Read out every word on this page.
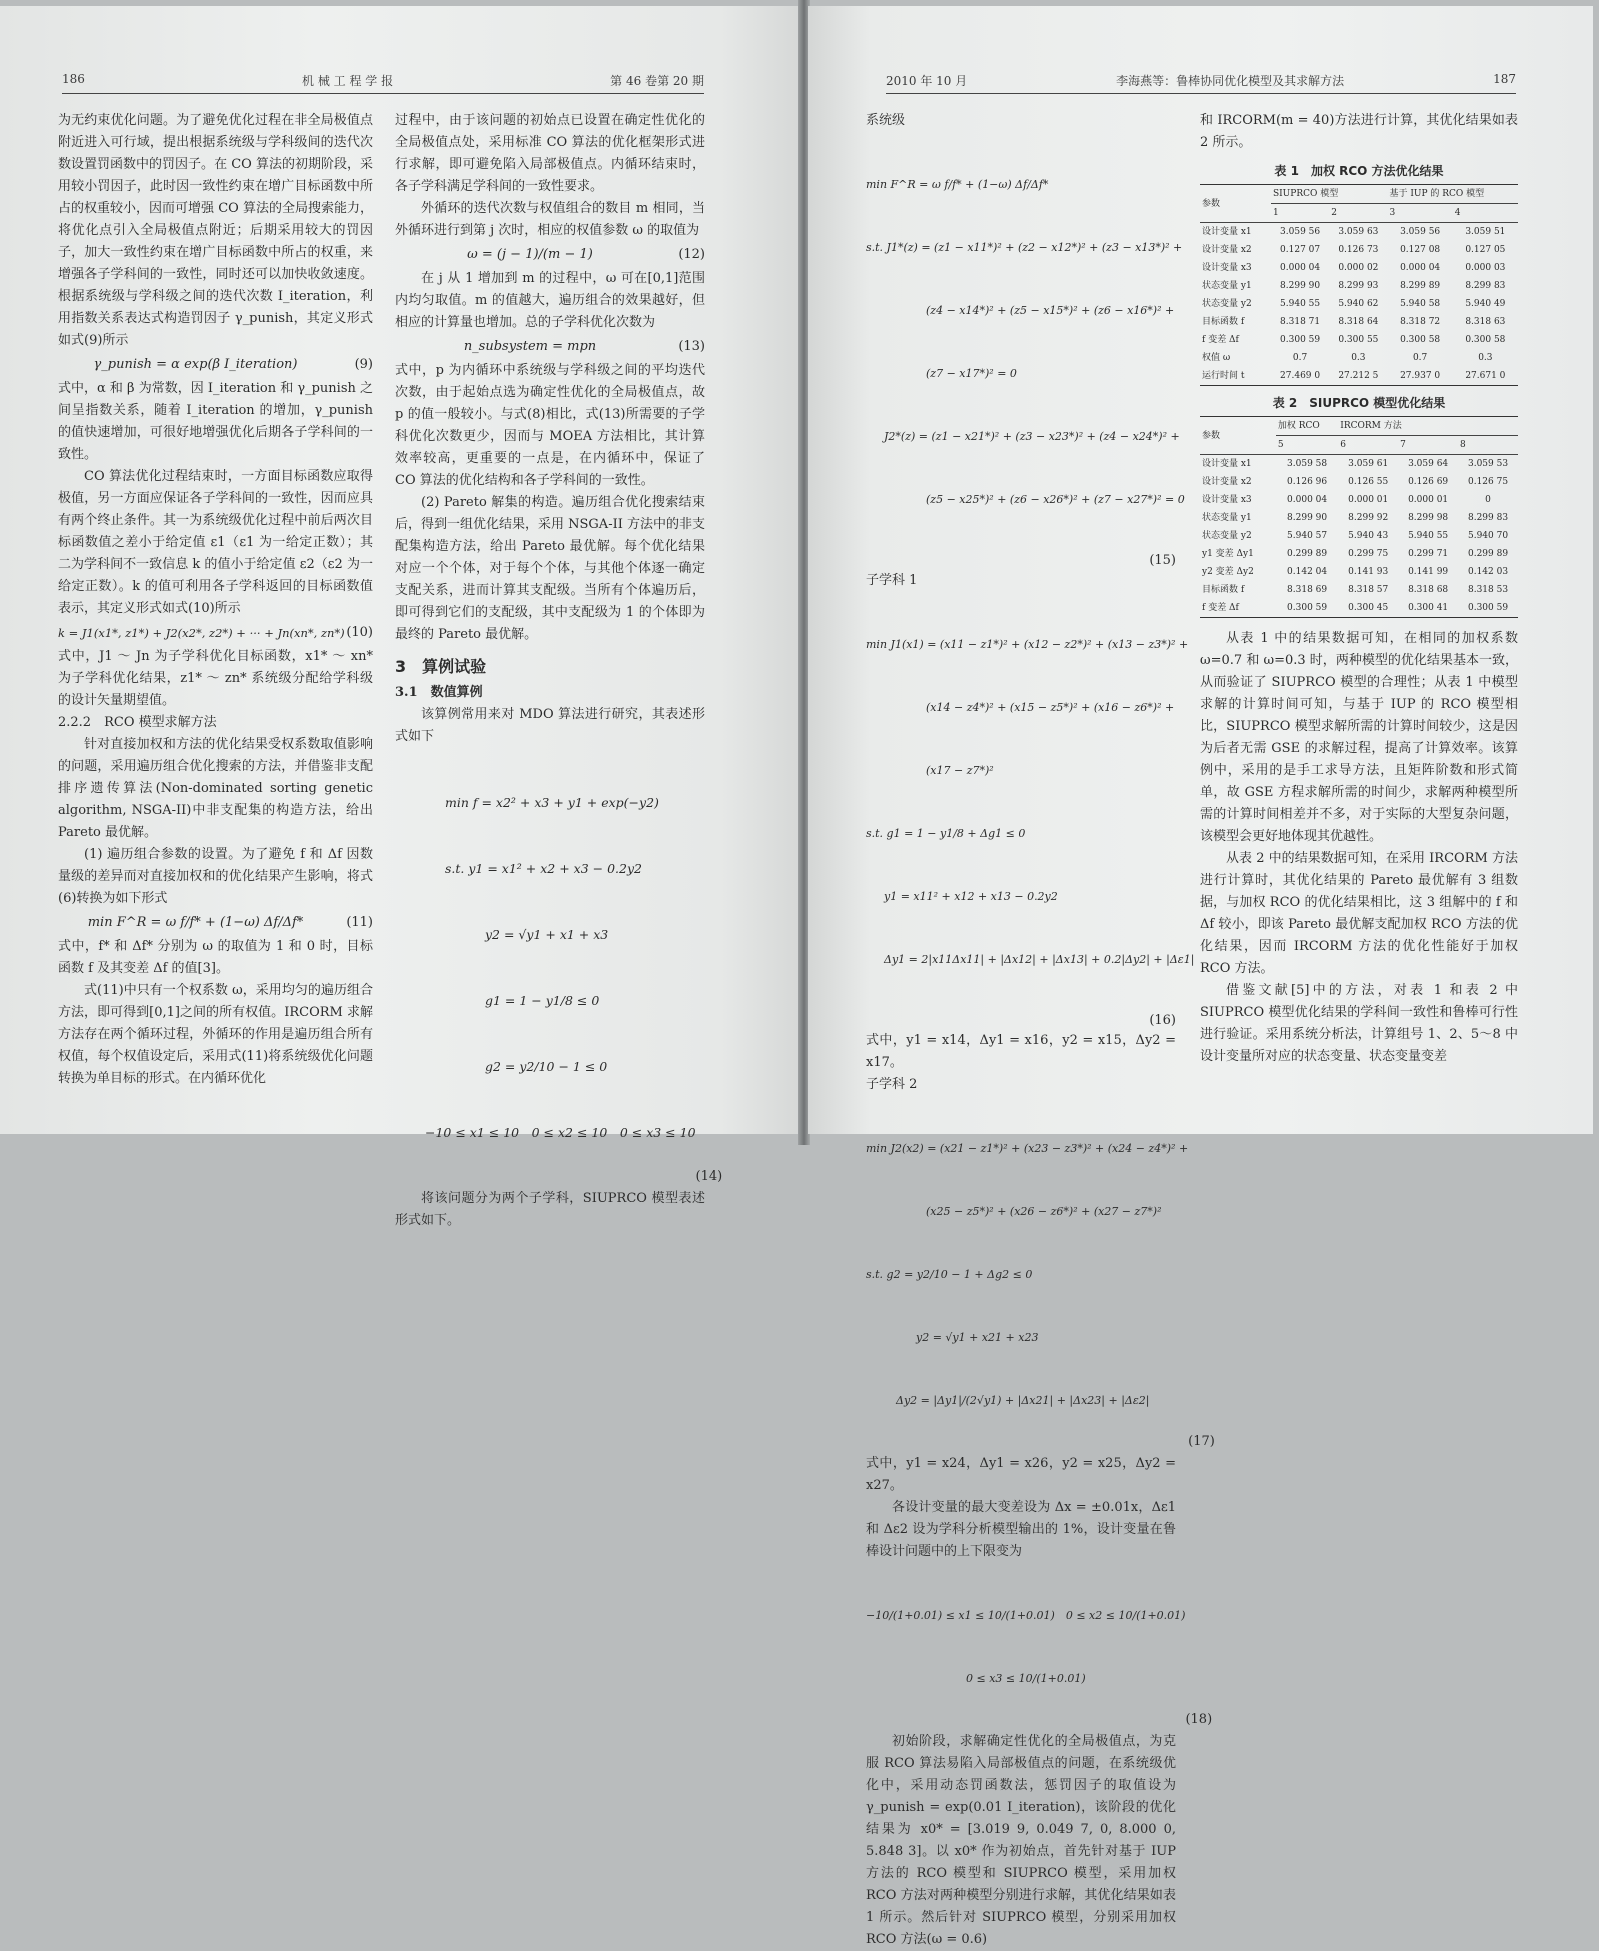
186	机 械 工 程 学 报	第 46 卷第 20 期

为无约束优化问题。为了避免优化过程在非全局极值点附近进入可行域，提出根据系统级与学科级间的迭代次数设置罚函数中的罚因子。在 CO 算法的初期阶段，采用较小罚因子，此时因一致性约束在增广目标函数中所占的权重较小，因而可增强 CO 算法的全局搜索能力，将优化点引入全局极值点附近；后期采用较大的罚因子，加大一致性约束在增广目标函数中所占的权重，来增强各子学科间的一致性，同时还可以加快收敛速度。根据系统级与学科级之间的迭代次数 I_iteration，利用指数关系表达式构造罚因子 γ_punish，其定义形式如式(9)所示

γ_punish = α exp(β I_iteration)	(9)

式中，α 和 β 为常数，因 I_iteration 和 γ_punish 之间呈指数关系，随着 I_iteration 的增加，γ_punish 的值快速增加，可很好地增强优化后期各子学科间的一致性。

CO 算法优化过程结束时，一方面目标函数应取得极值，另一方面应保证各子学科间的一致性，因而应具有两个终止条件。其一为系统级优化过程中前后两次目标函数值之差小于给定值 ε1（ε1 为一给定正数）；其二为学科间不一致信息 k 的值小于给定值 ε2（ε2 为一给定正数）。k 的值可利用各子学科返回的目标函数值表示，其定义形式如式(10)所示

k = J1(x1*, z1*) + J2(x2*, z2*) + ··· + Jn(xn*, zn*) (10)

式中，J1 ～ Jn 为子学科优化目标函数，x1* ～ xn* 为子学科优化结果，z1* ～ zn* 系统级分配给学科级的设计矢量期望值。

2.2.2　RCO 模型求解方法

针对直接加权和方法的优化结果受权系数取值影响的问题，采用遍历组合优化搜索的方法，并借鉴非支配排序遗传算法(Non-dominated sorting genetic algorithm, NSGA-II)中非支配集的构造方法，给出 Pareto 最优解。

(1) 遍历组合参数的设置。为了避免 f 和 Δf 因数量级的差异而对直接加权和的优化结果产生影响，将式(6)转换为如下形式

min F^R = ω f/f* + (1−ω) Δf/Δf*	(11)

式中，f* 和 Δf* 分别为 ω 的取值为 1 和 0 时，目标函数 f 及其变差 Δf 的值[3]。

式(11)中只有一个权系数 ω，采用均匀的遍历组合方法，即可得到[0,1]之间的所有权值。IRCORM 求解方法存在两个循环过程，外循环的作用是遍历组合所有权值，每个权值设定后，采用式(11)将系统级优化问题转换为单目标的形式。在内循环优化

过程中，由于该问题的初始点已设置在确定性优化的全局极值点处，采用标准 CO 算法的优化框架形式进行求解，即可避免陷入局部极值点。内循环结束时，各子学科满足学科间的一致性要求。

外循环的迭代次数与权值组合的数目 m 相同，当外循环进行到第 j 次时，相应的权值参数 ω 的取值为

ω = (j − 1)/(m − 1)	(12)

在 j 从 1 增加到 m 的过程中，ω 可在[0,1]范围内均匀取值。m 的值越大，遍历组合的效果越好，但相应的计算量也增加。总的子学科优化次数为

n_subsystem = mpn	(13)

式中，p 为内循环中系统级与学科级之间的平均迭代次数，由于起始点选为确定性优化的全局极值点，故 p 的值一般较小。与式(8)相比，式(13)所需要的子学科优化次数更少，因而与 MOEA 方法相比，其计算效率较高，更重要的一点是，在内循环中，保证了 CO 算法的优化结构和各子学科间的一致性。

(2) Pareto 解集的构造。遍历组合优化搜索结束后，得到一组优化结果，采用 NSGA-II 方法中的非支配集构造方法，给出 Pareto 最优解。每个优化结果对应一个个体，对于每个个体，与其他个体逐一确定支配关系，进而计算其支配级。当所有个体遍历后，即可得到它们的支配级，其中支配级为 1 的个体即为最终的 Pareto 最优解。

3　算例试验
3.1　数值算例

该算例常用来对 MDO 算法进行研究，其表述形式如下

min f = x2² + x3 + y1 + exp(−y2)

s.t. y1 = x1² + x2 + x3 − 0.2y2

y2 = √y1 + x1 + x3

g1 = 1 − y1/8 ≤ 0

g2 = y2/10 − 1 ≤ 0

−10 ≤ x1 ≤ 10　0 ≤ x2 ≤ 10　0 ≤ x3 ≤ 10

(14)

将该问题分为两个子学科，SIUPRCO 模型表述形式如下。

2010 年 10 月	李海燕等：鲁棒协同优化模型及其求解方法	187
系统级

min F^R = ω f/f* + (1−ω) Δf/Δf*

s.t. J1*(z) = (z1 − x11*)² + (z2 − x12*)² + (z3 − x13*)² +

(z4 − x14*)² + (z5 − x15*)² + (z6 − x16*)² +

(z7 − x17*)² = 0

J2*(z) = (z1 − x21*)² + (z3 − x23*)² + (z4 − x24*)² +

(z5 − x25*)² + (z6 − x26*)² + (z7 − x27*)² = 0

(15)
子学科 1

min J1(x1) = (x11 − z1*)² + (x12 − z2*)² + (x13 − z3*)² +

(x14 − z4*)² + (x15 − z5*)² + (x16 − z6*)² +

(x17 − z7*)²

s.t. g1 = 1 − y1/8 + Δg1 ≤ 0

y1 = x11² + x12 + x13 − 0.2y2

Δy1 = 2|x11Δx11| + |Δx12| + |Δx13| + 0.2|Δy2| + |Δε1|

(16)

式中，y1 = x14，Δy1 = x16，y2 = x15，Δy2 = x17。

子学科 2

min J2(x2) = (x21 − z1*)² + (x23 − z3*)² + (x24 − z4*)² +

(x25 − z5*)² + (x26 − z6*)² + (x27 − z7*)²

s.t. g2 = y2/10 − 1 + Δg2 ≤ 0

y2 = √y1 + x21 + x23

Δy2 = |Δy1|/(2√y1) + |Δx21| + |Δx23| + |Δε2|

(17)

式中，y1 = x24，Δy1 = x26，y2 = x25，Δy2 = x27。

各设计变量的最大变差设为 Δx = ±0.01x，Δε1 和 Δε2 设为学科分析模型输出的 1%，设计变量在鲁棒设计问题中的上下限变为

−10/(1+0.01) ≤ x1 ≤ 10/(1+0.01)　0 ≤ x2 ≤ 10/(1+0.01)

0 ≤ x3 ≤ 10/(1+0.01)

(18)

初始阶段，求解确定性优化的全局极值点，为克服 RCO 算法易陷入局部极值点的问题，在系统级优化中，采用动态罚函数法，惩罚因子的取值设为 γ_punish = exp(0.01 I_iteration)，该阶段的优化结果为 x0* = [3.019 9, 0.049 7, 0, 8.000 0, 5.848 3]。以 x0* 作为初始点，首先针对基于 IUP 方法的 RCO 模型和 SIUPRCO 模型，采用加权 RCO 方法对两种模型分别进行求解，其优化结果如表 1 所示。然后针对 SIUPRCO 模型，分别采用加权 RCO 方法(ω = 0.6)

和 IRCORM(m = 40)方法进行计算，其优化结果如表 2 所示。

表 1　加权 RCO 方法优化结果
参数	SIUPRCO 模型		基于 IUP 的 RCO 模型	
	1	2	3	4
设计变量 x1	3.059 56	3.059 63	3.059 56	3.059 51
设计变量 x2	0.127 07	0.126 73	0.127 08	0.127 05
设计变量 x3	0.000 04	0.000 02	0.000 04	0.000 03
状态变量 y1	8.299 90	8.299 93	8.299 89	8.299 83
状态变量 y2	5.940 55	5.940 62	5.940 58	5.940 49
目标函数 f	8.318 71	8.318 64	8.318 72	8.318 63
f 变差 Δf	0.300 59	0.300 55	0.300 58	0.300 58
权值 ω	0.7	0.3	0.7	0.3
运行时间 t	27.469 0	27.212 5	27.937 0	27.671 0
表 2　SIUPRCO 模型优化结果
参数	加权 RCO	IRCORM 方法		
	5	6	7	8
设计变量 x1	3.059 58	3.059 61	3.059 64	3.059 53
设计变量 x2	0.126 96	0.126 55	0.126 69	0.126 75
设计变量 x3	0.000 04	0.000 01	0.000 01	0
状态变量 y1	8.299 90	8.299 92	8.299 98	8.299 83
状态变量 y2	5.940 57	5.940 43	5.940 55	5.940 70
y1 变差 Δy1	0.299 89	0.299 75	0.299 71	0.299 89
y2 变差 Δy2	0.142 04	0.141 93	0.141 99	0.142 03
目标函数 f	8.318 69	8.318 57	8.318 68	8.318 53
f 变差 Δf	0.300 59	0.300 45	0.300 41	0.300 59

从表 1 中的结果数据可知，在相同的加权系数 ω=0.7 和 ω=0.3 时，两种模型的优化结果基本一致，从而验证了 SIUPRCO 模型的合理性；从表 1 中模型求解的计算时间可知，与基于 IUP 的 RCO 模型相比，SIUPRCO 模型求解所需的计算时间较少，这是因为后者无需 GSE 的求解过程，提高了计算效率。该算例中，采用的是手工求导方法，且矩阵阶数和形式简单，故 GSE 方程求解所需的时间少，求解两种模型所需的计算时间相差并不多，对于实际的大型复杂问题，该模型会更好地体现其优越性。

从表 2 中的结果数据可知，在采用 IRCORM 方法进行计算时，其优化结果的 Pareto 最优解有 3 组数据，与加权 RCO 的优化结果相比，这 3 组解中的 f 和 Δf 较小，即该 Pareto 最优解支配加权 RCO 方法的优化结果，因而 IRCORM 方法的优化性能好于加权 RCO 方法。

借鉴文献[5]中的方法，对表 1 和表 2 中 SIUPRCO 模型优化结果的学科间一致性和鲁棒可行性进行验证。采用系统分析法，计算组号 1、2、5～8 中设计变量所对应的状态变量、状态变量变差
